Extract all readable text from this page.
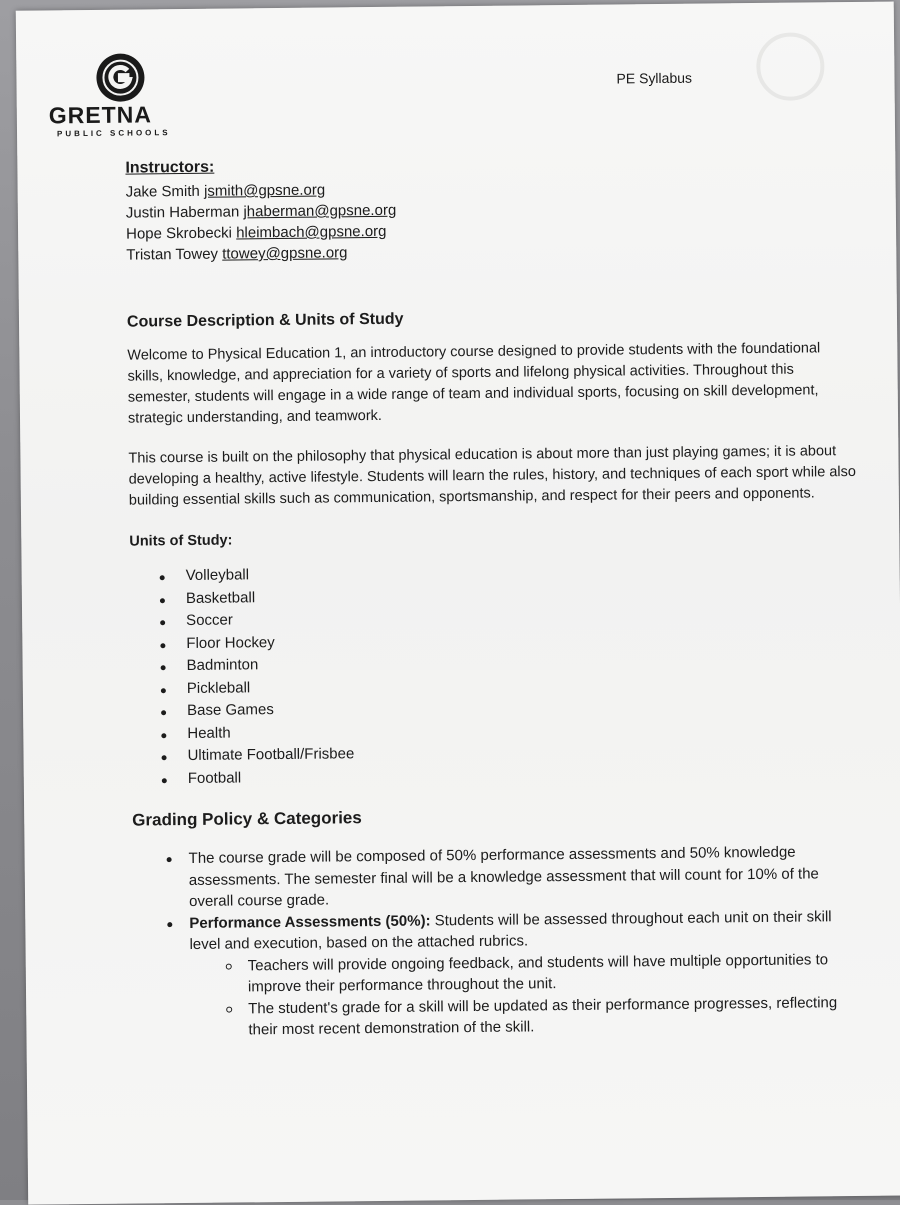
GRETNA
PUBLIC SCHOOLS
PE Syllabus

Instructors:

Jake Smith jsmith@gpsne.org
Justin Haberman jhaberman@gpsne.org
Hope Skrobecki hleimbach@gpsne.org
Tristan Towey ttowey@gpsne.org

Course Description & Units of Study

Welcome to Physical Education 1, an introductory course designed to provide students with the foundational skills, knowledge, and appreciation for a variety of sports and lifelong physical activities. Throughout this semester, students will engage in a wide range of team and individual sports, focusing on skill development, strategic understanding, and teamwork.

This course is built on the philosophy that physical education is about more than just playing games; it is about developing a healthy, active lifestyle. Students will learn the rules, history, and techniques of each sport while also building essential skills such as communication, sportsmanship, and respect for their peers and opponents.

Units of Study:

Volleyball
Basketball
Soccer
Floor Hockey
Badminton
Pickleball
Base Games
Health
Ultimate Football/Frisbee
Football

Grading Policy & Categories

The course grade will be composed of 50% performance assessments and 50% knowledge assessments. The semester final will be a knowledge assessment that will count for 10% of the overall course grade.
Performance Assessments (50%): Students will be assessed throughout each unit on their skill level and execution, based on the attached rubrics.
Teachers will provide ongoing feedback, and students will have multiple opportunities to improve their performance throughout the unit.
The student's grade for a skill will be updated as their performance progresses, reflecting their most recent demonstration of the skill.
